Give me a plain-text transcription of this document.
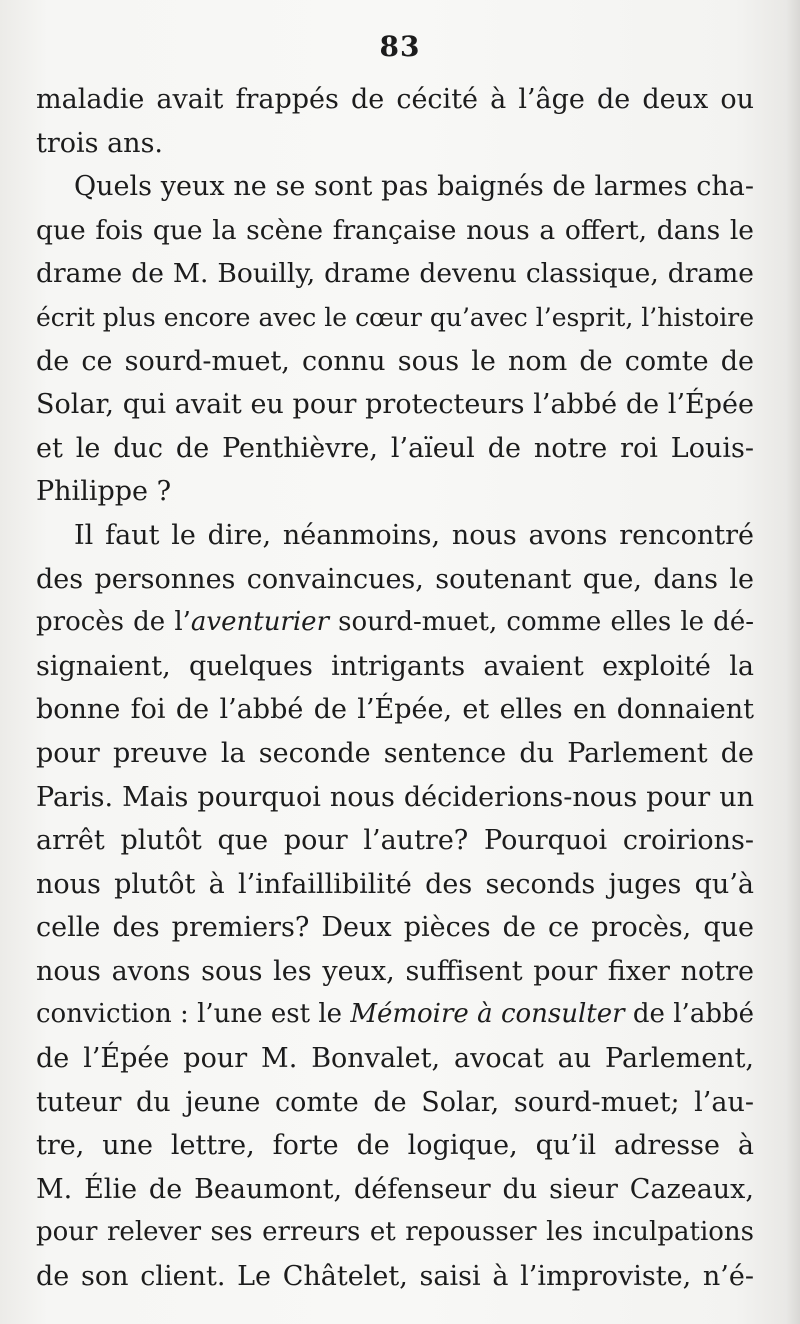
83
maladie avait frappés de cécité à l’âge de deux ou
trois ans.
Quels yeux ne se sont pas baignés de larmes cha-
que fois que la scène française nous a offert, dans le
drame de M. Bouilly, drame devenu classique, drame
écrit plus encore avec le cœur qu’avec l’esprit, l’histoire
de ce sourd-muet, connu sous le nom de comte de
Solar, qui avait eu pour protecteurs l’abbé de l’Épée
et le duc de Penthièvre, l’aïeul de notre roi Louis-
Philippe ?
Il faut le dire, néanmoins, nous avons rencontré
des personnes convaincues, soutenant que, dans le
procès de l’aventurier sourd-muet, comme elles le dé-
signaient, quelques intrigants avaient exploité la
bonne foi de l’abbé de l’Épée, et elles en donnaient
pour preuve la seconde sentence du Parlement de
Paris. Mais pourquoi nous déciderions-nous pour un
arrêt plutôt que pour l’autre? Pourquoi croirions-
nous plutôt à l’infaillibilité des seconds juges qu’à
celle des premiers? Deux pièces de ce procès, que
nous avons sous les yeux, suffisent pour fixer notre
conviction : l’une est le Mémoire à consulter de l’abbé
de l’Épée pour M. Bonvalet, avocat au Parlement,
tuteur du jeune comte de Solar, sourd-muet; l’au-
tre, une lettre, forte de logique, qu’il adresse à
M. Élie de Beaumont, défenseur du sieur Cazeaux,
pour relever ses erreurs et repousser les inculpations
de son client. Le Châtelet, saisi à l’improviste, n’é-
